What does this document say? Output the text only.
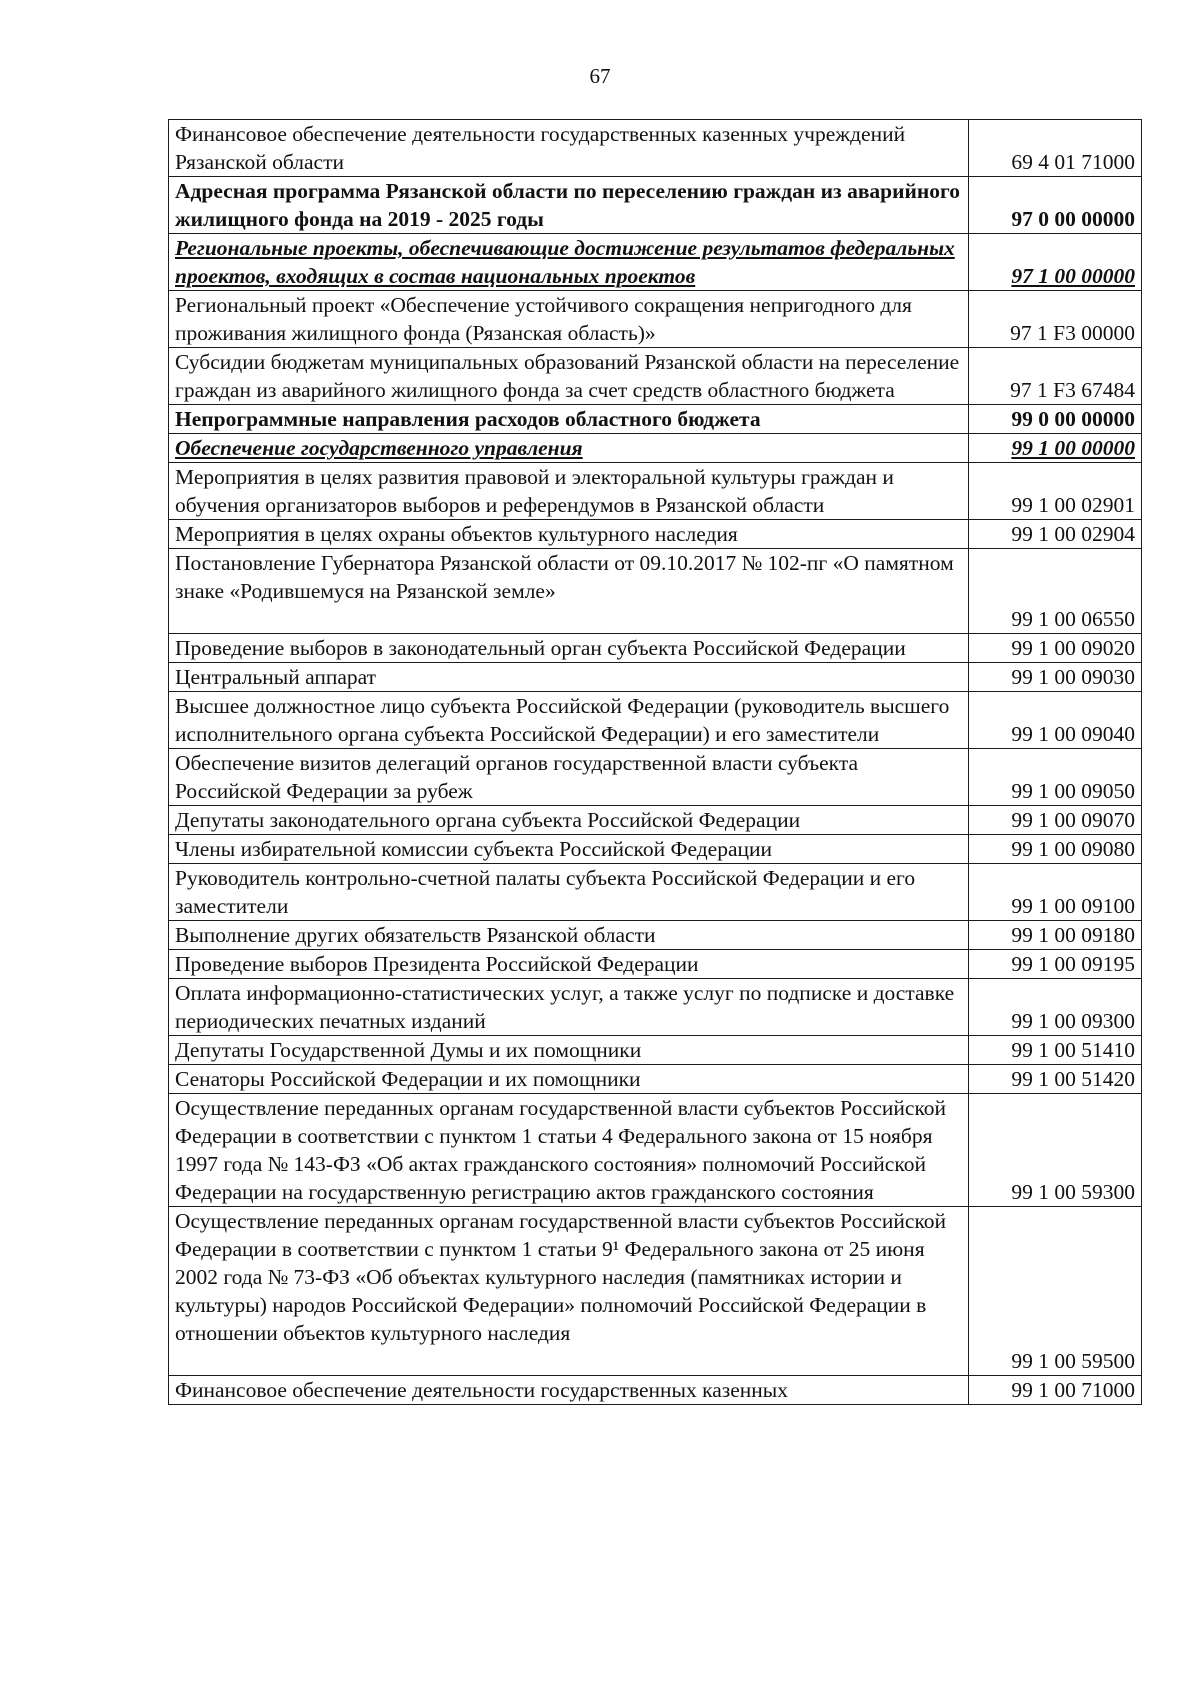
67
Финансовое обеспечение деятельности государственных казенных учреждений Рязанской области	69 4 01 71000

Адресная программа Рязанской области по переселению граждан из аварийного жилищного фонда на 2019 - 2025 годы	97 0 00 00000

Региональные проекты, обеспечивающие достижение результатов федеральных проектов, входящих в состав национальных проектов	97 1 00 00000

Региональный проект «Обеспечение устойчивого сокращения непригодного для проживания жилищного фонда (Рязанская область)»	97 1 F3 00000

Субсидии бюджетам муниципальных образований Рязанской области на переселение граждан из аварийного жилищного фонда за счет средств областного бюджета	97 1 F3 67484

Непрограммные направления расходов областного бюджета	99 0 00 00000

Обеспечение государственного управления	99 1 00 00000

Мероприятия в целях развития правовой и электоральной культуры граждан и обучения организаторов выборов и референдумов в Рязанской области	99 1 00 02901

Мероприятия в целях охраны объектов культурного наследия	99 1 00 02904

Постановление Губернатора Рязанской области от 09.10.2017 № 102-пг «О памятном знаке «Родившемуся на Рязанской земле»	99 1 00 06550

Проведение выборов в законодательный орган субъекта Российской Федерации	99 1 00 09020

Центральный аппарат	99 1 00 09030

Высшее должностное лицо субъекта Российской Федерации (руководитель высшего исполнительного органа субъекта Российской Федерации) и его заместители	99 1 00 09040

Обеспечение визитов делегаций органов государственной власти субъекта Российской Федерации за рубеж	99 1 00 09050

Депутаты законодательного органа субъекта Российской Федерации	99 1 00 09070

Члены избирательной комиссии субъекта Российской Федерации	99 1 00 09080

Руководитель контрольно-счетной палаты субъекта Российской Федерации и его заместители	99 1 00 09100

Выполнение других обязательств Рязанской области	99 1 00 09180

Проведение выборов Президента Российской Федерации	99 1 00 09195

Оплата информационно-статистических услуг, а также услуг по подписке и доставке периодических печатных изданий	99 1 00 09300

Депутаты Государственной Думы и их помощники	99 1 00 51410

Сенаторы Российской Федерации и их помощники	99 1 00 51420

Осуществление переданных органам государственной власти субъектов Российской Федерации в соответствии с пунктом 1 статьи 4 Федерального закона от 15 ноября 1997 года № 143-ФЗ «Об актах гражданского состояния» полномочий Российской Федерации на государственную регистрацию актов гражданского состояния	99 1 00 59300

Осуществление переданных органам государственной власти субъектов Российской Федерации в соответствии с пунктом 1 статьи 9¹ Федерального закона от 25 июня 2002 года № 73-ФЗ «Об объектах культурного наследия (памятниках истории и культуры) народов Российской Федерации» полномочий Российской Федерации в отношении объектов культурного наследия	99 1 00 59500

Финансовое обеспечение деятельности государственных казенных	99 1 00 71000
